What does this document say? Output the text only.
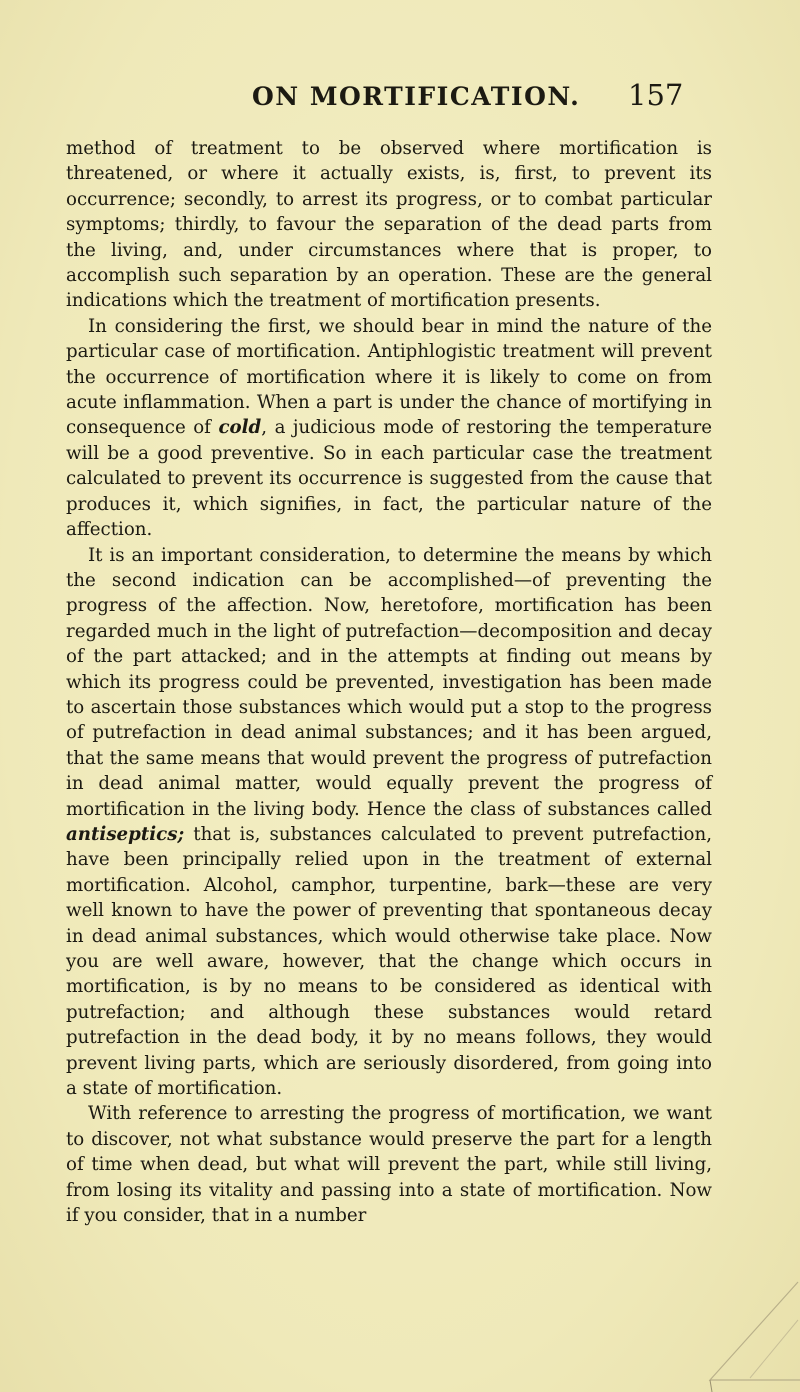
ON MORTIFICATION. 157

method of treatment to be observed where mortification is threatened, or where it actually exists, is, first, to prevent its occurrence; secondly, to arrest its progress, or to combat particular symptoms; thirdly, to favour the separation of the dead parts from the living, and, under circumstances where that is proper, to accomplish such separation by an operation. These are the general indications which the treatment of mortification presents.

In considering the first, we should bear in mind the nature of the particular case of mortification. Antiphlogistic treatment will prevent the occurrence of mortification where it is likely to come on from acute inflammation. When a part is under the chance of mortifying in consequence of cold, a judicious mode of restoring the temperature will be a good preventive. So in each particular case the treatment calculated to prevent its occurrence is suggested from the cause that produces it, which signifies, in fact, the particular nature of the affection.

It is an important consideration, to determine the means by which the second indication can be accomplished—of preventing the progress of the affection. Now, heretofore, mortification has been regarded much in the light of putrefaction—decomposition and decay of the part attacked; and in the attempts at finding out means by which its progress could be prevented, investigation has been made to ascertain those substances which would put a stop to the progress of putrefaction in dead animal substances; and it has been argued, that the same means that would prevent the progress of putrefaction in dead animal matter, would equally prevent the progress of mortification in the living body. Hence the class of substances called antiseptics; that is, substances calculated to prevent putrefaction, have been principally relied upon in the treatment of external mortification. Alcohol, camphor, turpentine, bark—these are very well known to have the power of preventing that spontaneous decay in dead animal substances, which would otherwise take place. Now you are well aware, however, that the change which occurs in mortification, is by no means to be considered as identical with putrefaction; and although these substances would retard putrefaction in the dead body, it by no means follows, they would prevent living parts, which are seriously disordered, from going into a state of mortification.

With reference to arresting the progress of mortification, we want to discover, not what substance would preserve the part for a length of time when dead, but what will prevent the part, while still living, from losing its vitality and passing into a state of mortification. Now if you consider, that in a number
